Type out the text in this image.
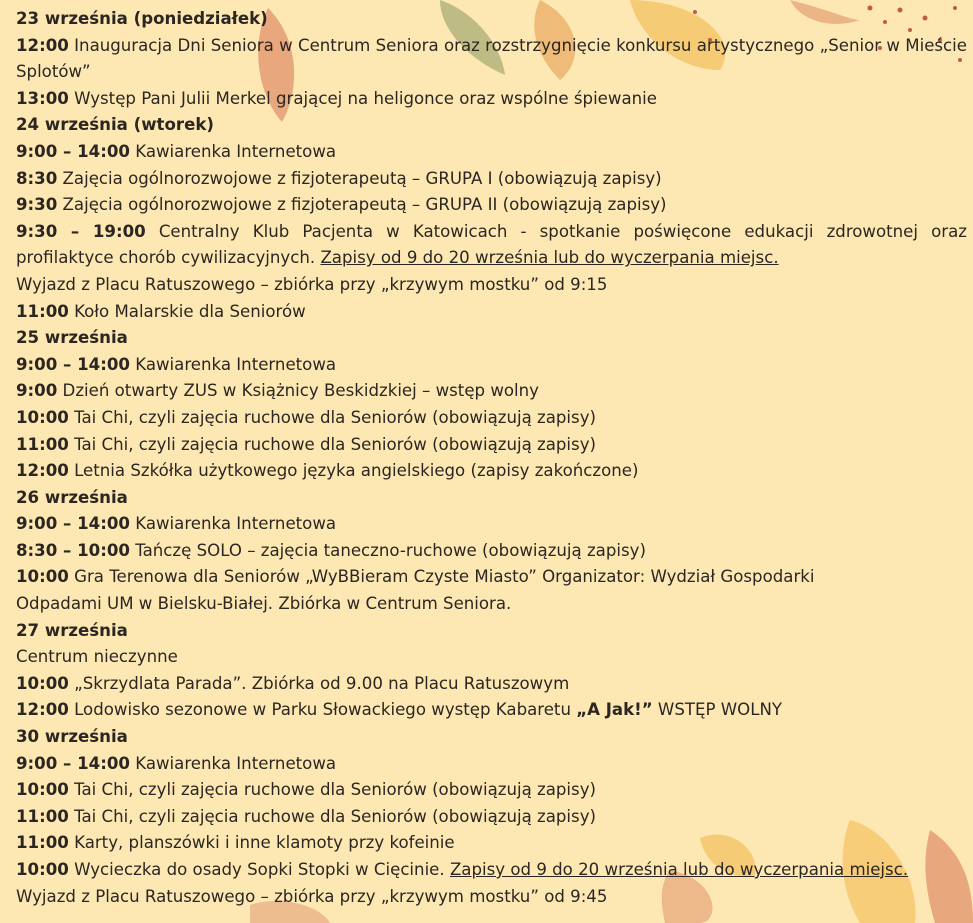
23 września (poniedziałek)

12:00 Inauguracja Dni Seniora w Centrum Seniora oraz rozstrzygnięcie konkursu artystycznego „Senior w Mieście Splotów”

13:00 Występ Pani Julii Merkel grającej na heligonce oraz wspólne śpiewanie

24 września (wtorek)

9:00 – 14:00 Kawiarenka Internetowa

8:30 Zajęcia ogólnorozwojowe z fizjoterapeutą – GRUPA I (obowiązują zapisy)

9:30 Zajęcia ogólnorozwojowe z fizjoterapeutą – GRUPA II (obowiązują zapisy)

9:30 – 19:00 Centralny Klub Pacjenta w Katowicach - spotkanie poświęcone edukacji zdrowotnej oraz profilaktyce chorób cywilizacyjnych. Zapisy od 9 do 20 września lub do wyczerpania miejsc.

Wyjazd z Placu Ratuszowego – zbiórka przy „krzywym mostku” od 9:15

11:00 Koło Malarskie dla Seniorów

25 września

9:00 – 14:00 Kawiarenka Internetowa

9:00 Dzień otwarty ZUS w Książnicy Beskidzkiej – wstęp wolny

10:00 Tai Chi, czyli zajęcia ruchowe dla Seniorów (obowiązują zapisy)

11:00 Tai Chi, czyli zajęcia ruchowe dla Seniorów (obowiązują zapisy)

12:00 Letnia Szkółka użytkowego języka angielskiego (zapisy zakończone)

26 września

9:00 – 14:00 Kawiarenka Internetowa

8:30 – 10:00 Tańczę SOLO – zajęcia taneczno-ruchowe (obowiązują zapisy)

10:00 Gra Terenowa dla Seniorów „WyBBieram Czyste Miasto” Organizator: Wydział Gospodarki

Odpadami UM w Bielsku-Białej. Zbiórka w Centrum Seniora.

27 września

Centrum nieczynne

10:00 „Skrzydlata Parada”. Zbiórka od 9.00 na Placu Ratuszowym

12:00 Lodowisko sezonowe w Parku Słowackiego występ Kabaretu „A Jak!” WSTĘP WOLNY

30 września

9:00 – 14:00 Kawiarenka Internetowa

10:00 Tai Chi, czyli zajęcia ruchowe dla Seniorów (obowiązują zapisy)

11:00 Tai Chi, czyli zajęcia ruchowe dla Seniorów (obowiązują zapisy)

11:00 Karty, planszówki i inne klamoty przy kofeinie

10:00 Wycieczka do osady Sopki Stopki w Cięcinie. Zapisy od 9 do 20 września lub do wyczerpania miejsc.

Wyjazd z Placu Ratuszowego – zbiórka przy „krzywym mostku” od 9:45
